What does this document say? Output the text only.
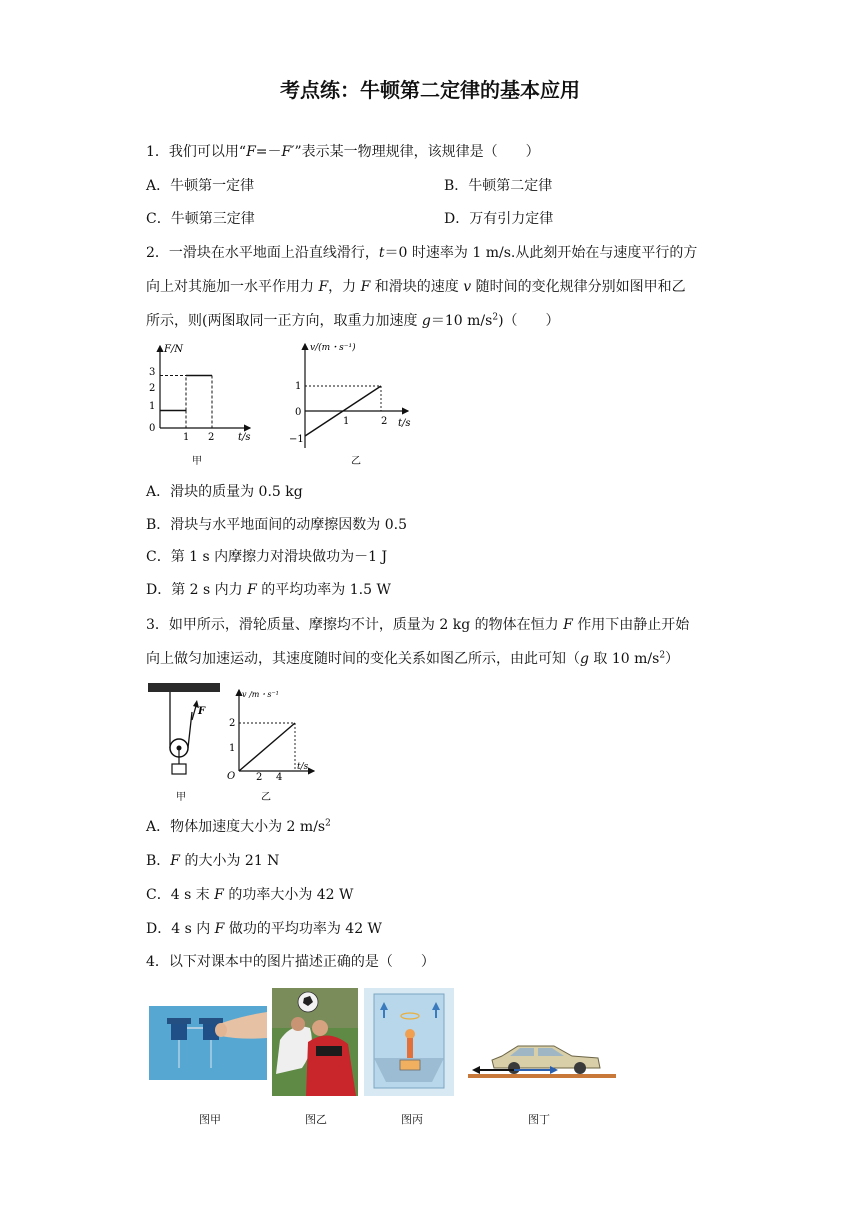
考点练：牛顿第二定律的基本应用
1．我们可以用“F=－F′”表示某一物理规律，该规律是（　　）
A．牛顿第一定律	B．牛顿第二定律
C．牛顿第三定律	D．万有引力定律
2．一滑块在水平地面上沿直线滑行，t＝0 时速率为 1 m/s.从此刻开始在与速度平行的方
向上对其施加一水平作用力 F，力 F 和滑块的速度 v 随时间的变化规律分别如图甲和乙
所示，则(两图取同一正方向，取重力加速度 g＝10 $m/s^2$)（　　）
F/N
t/s
3
2
1
0
1 2
甲
v/(m・s⁻¹)
t/s
1
0
−1
1	2
乙
A．滑块的质量为 0.5 kg
B．滑块与水平地面间的动摩擦因数为 0.5
C．第 1 s 内摩擦力对滑块做功为－1 J
D．第 2 s 内力 F 的平均功率为 1.5 W
3．如甲所示，滑轮质量、摩擦均不计，质量为 2 kg 的物体在恒力 F 作用下由静止开始
向上做匀加速运动，其速度随时间的变化关系如图乙所示，由此可知（g 取 10 $m/s^2$）
F
甲
v /m・s⁻¹
t/s
2
1
O 2 4
乙
A．物体加速度大小为 2 $m/s^2$
B．F 的大小为 21 N
C．4 s 末 F 的功率大小为 42 W
D．4 s 内 F 做功的平均功率为 42 W
4．以下对课本中的图片描述正确的是（　　）
图甲	图乙	图丙	图丁
